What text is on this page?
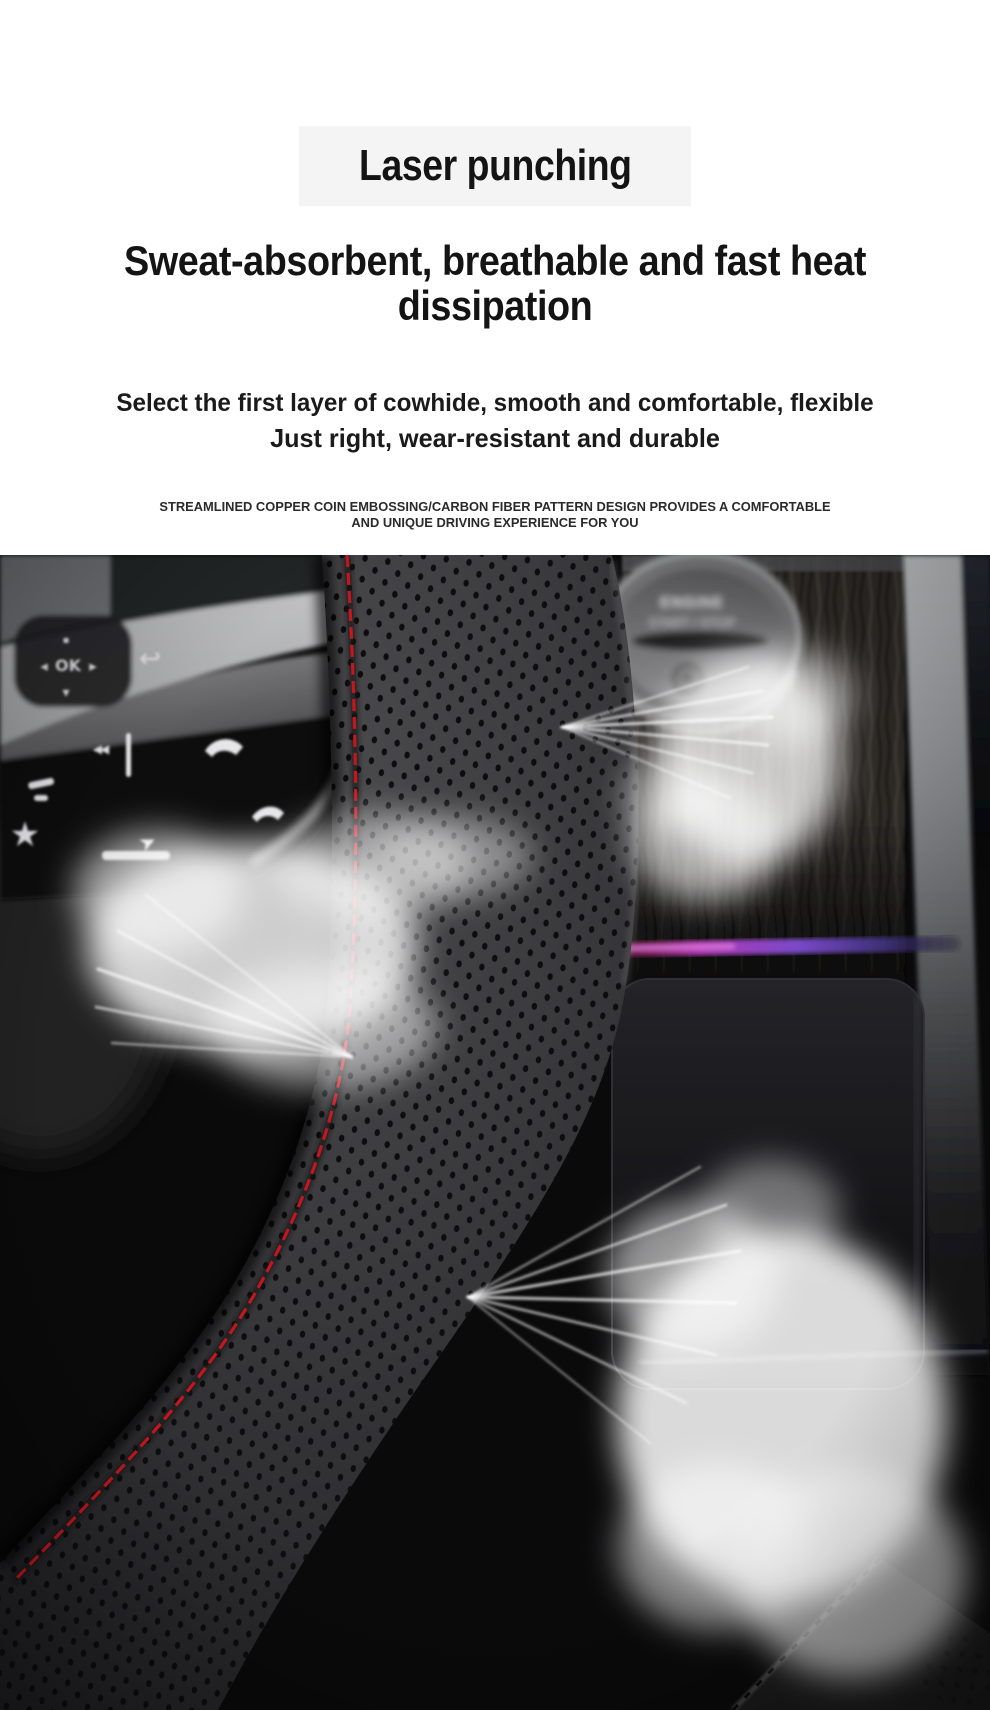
Laser punching
Sweat-absorbent, breathable and fast heat
dissipation
Select the first layer of cowhide, smooth and comfortable, flexible
Just right, wear-resistant and durable
STREAMLINED COPPER COIN EMBOSSING/CARBON FIBER PATTERN DESIGN PROVIDES A COMFORTABLE
AND UNIQUE DRIVING EXPERIENCE FOR YOU
